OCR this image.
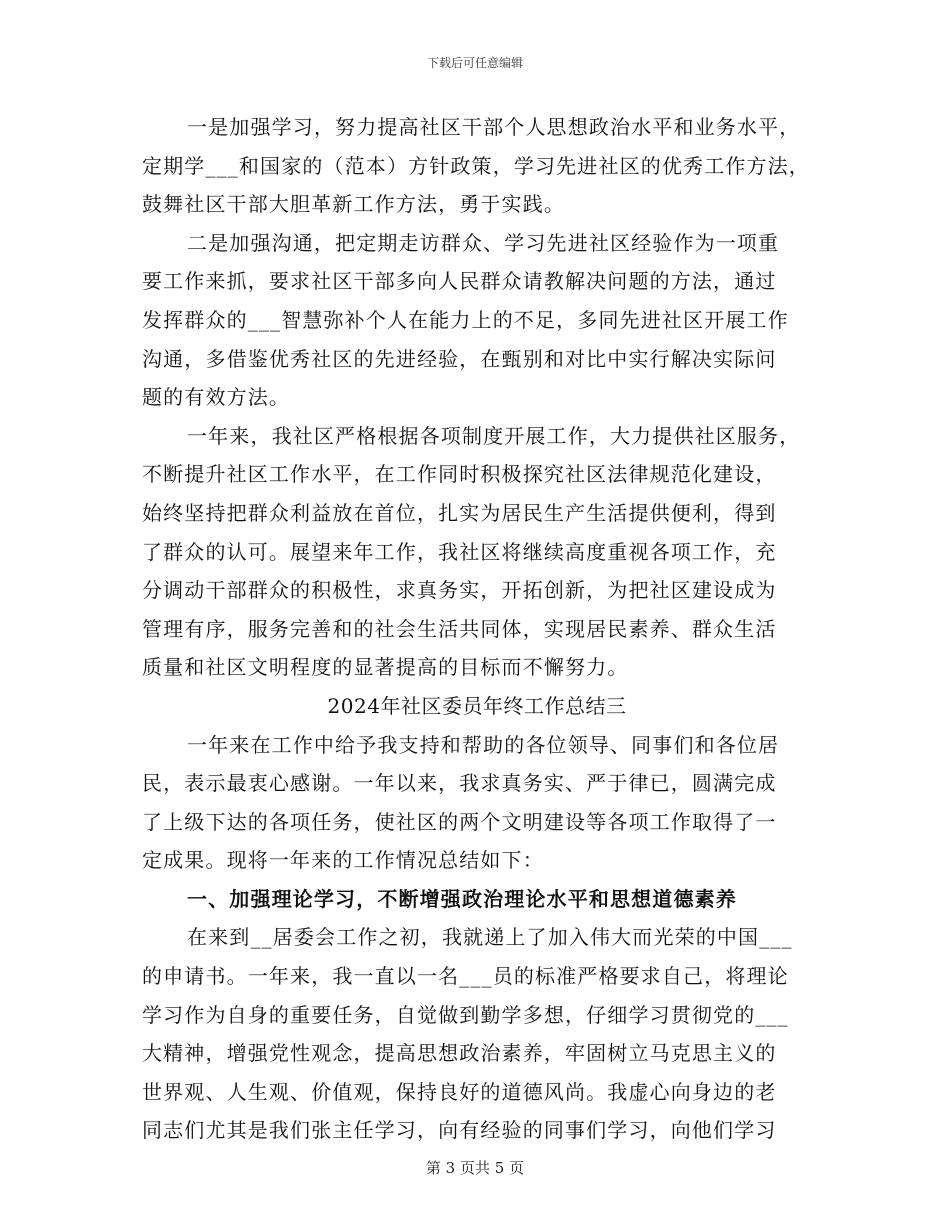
下载后可任意编辑
一是加强学习，努力提高社区干部个人思想政治水平和业务水平，
定期学___和国家的（范本）方针政策，学习先进社区的优秀工作方法，
鼓舞社区干部大胆革新工作方法，勇于实践。
二是加强沟通，把定期走访群众、学习先进社区经验作为一项重
要工作来抓，要求社区干部多向人民群众请教解决问题的方法，通过
发挥群众的___智慧弥补个人在能力上的不足，多同先进社区开展工作
沟通，多借鉴优秀社区的先进经验，在甄别和对比中实行解决实际问
题的有效方法。
一年来，我社区严格根据各项制度开展工作，大力提供社区服务，
不断提升社区工作水平，在工作同时积极探究社区法律规范化建设，
始终坚持把群众利益放在首位，扎实为居民生产生活提供便利，得到
了群众的认可。展望来年工作，我社区将继续高度重视各项工作，充
分调动干部群众的积极性，求真务实，开拓创新，为把社区建设成为
管理有序，服务完善和的社会生活共同体，实现居民素养、群众生活
质量和社区文明程度的显著提高的目标而不懈努力。
2024年社区委员年终工作总结三
一年来在工作中给予我支持和帮助的各位领导、同事们和各位居
民，表示最衷心感谢。一年以来，我求真务实、严于律已，圆满完成
了上级下达的各项任务，使社区的两个文明建设等各项工作取得了一
定成果。现将一年来的工作情况总结如下：
一、加强理论学习，不断增强政治理论水平和思想道德素养
在来到__居委会工作之初，我就递上了加入伟大而光荣的中国___
的申请书。一年来，我一直以一名___员的标准严格要求自己，将理论
学习作为自身的重要任务，自觉做到勤学多想，仔细学习贯彻党的___
大精神，增强党性观念，提高思想政治素养，牢固树立马克思主义的
世界观、人生观、价值观，保持良好的道德风尚。我虚心向身边的老
同志们尤其是我们张主任学习，向有经验的同事们学习，向他们学习
第 3 页共 5 页
